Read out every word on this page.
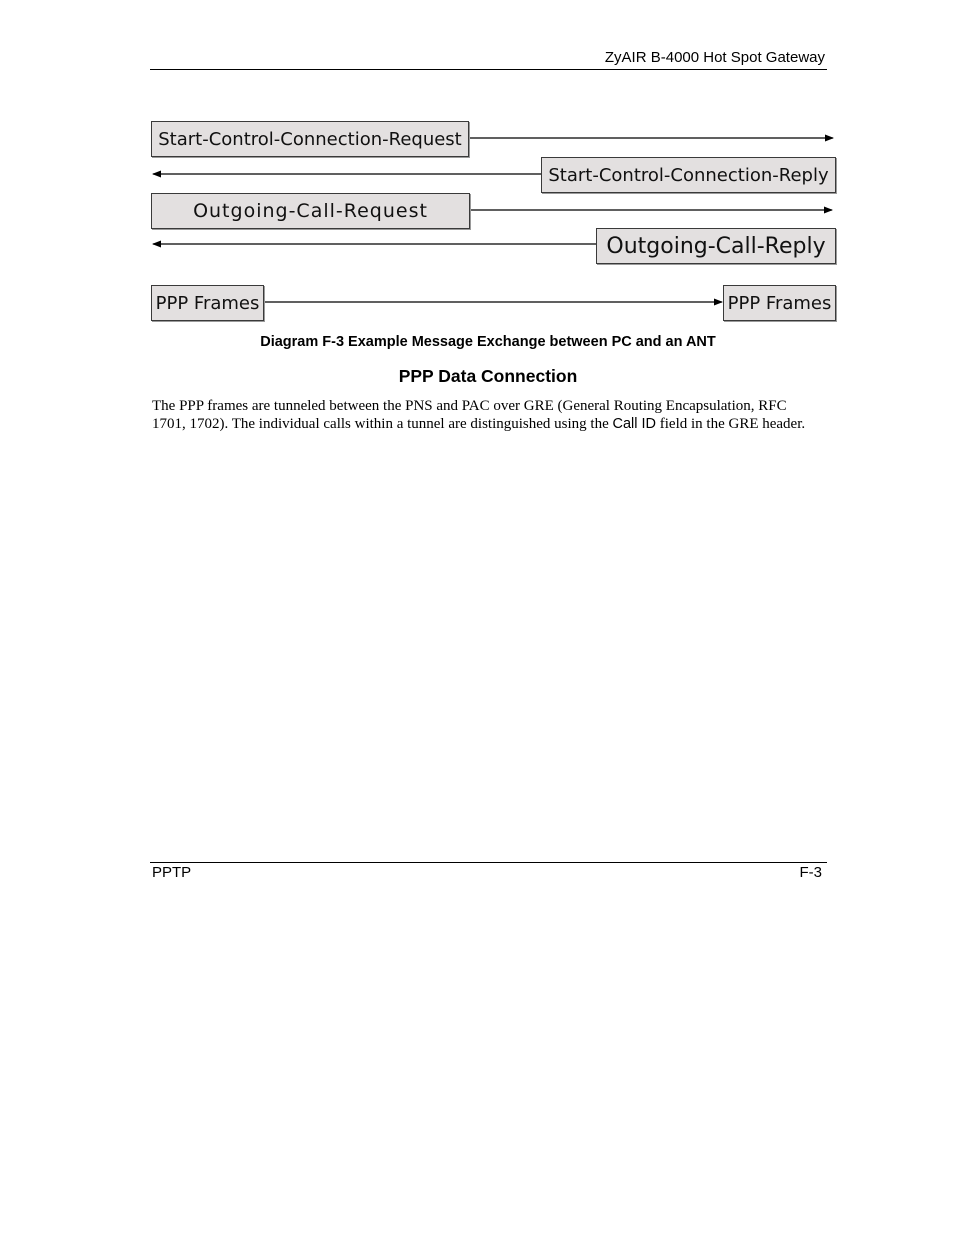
ZyAIR B-4000 Hot Spot Gateway
Start-Control-Connection-Request
Start-Control-Connection-Reply
Outgoing-Call-Request
Outgoing-Call-Reply
PPP Frames	PPP Frames
Diagram F-3 Example Message Exchange between PC and an ANT
PPP Data Connection
The PPP frames are tunneled between the PNS and PAC over GRE (General Routing Encapsulation, RFC 1701, 1702). The individual calls within a tunnel are distinguished using the Call ID field in the GRE header.
PPTP	F-3
